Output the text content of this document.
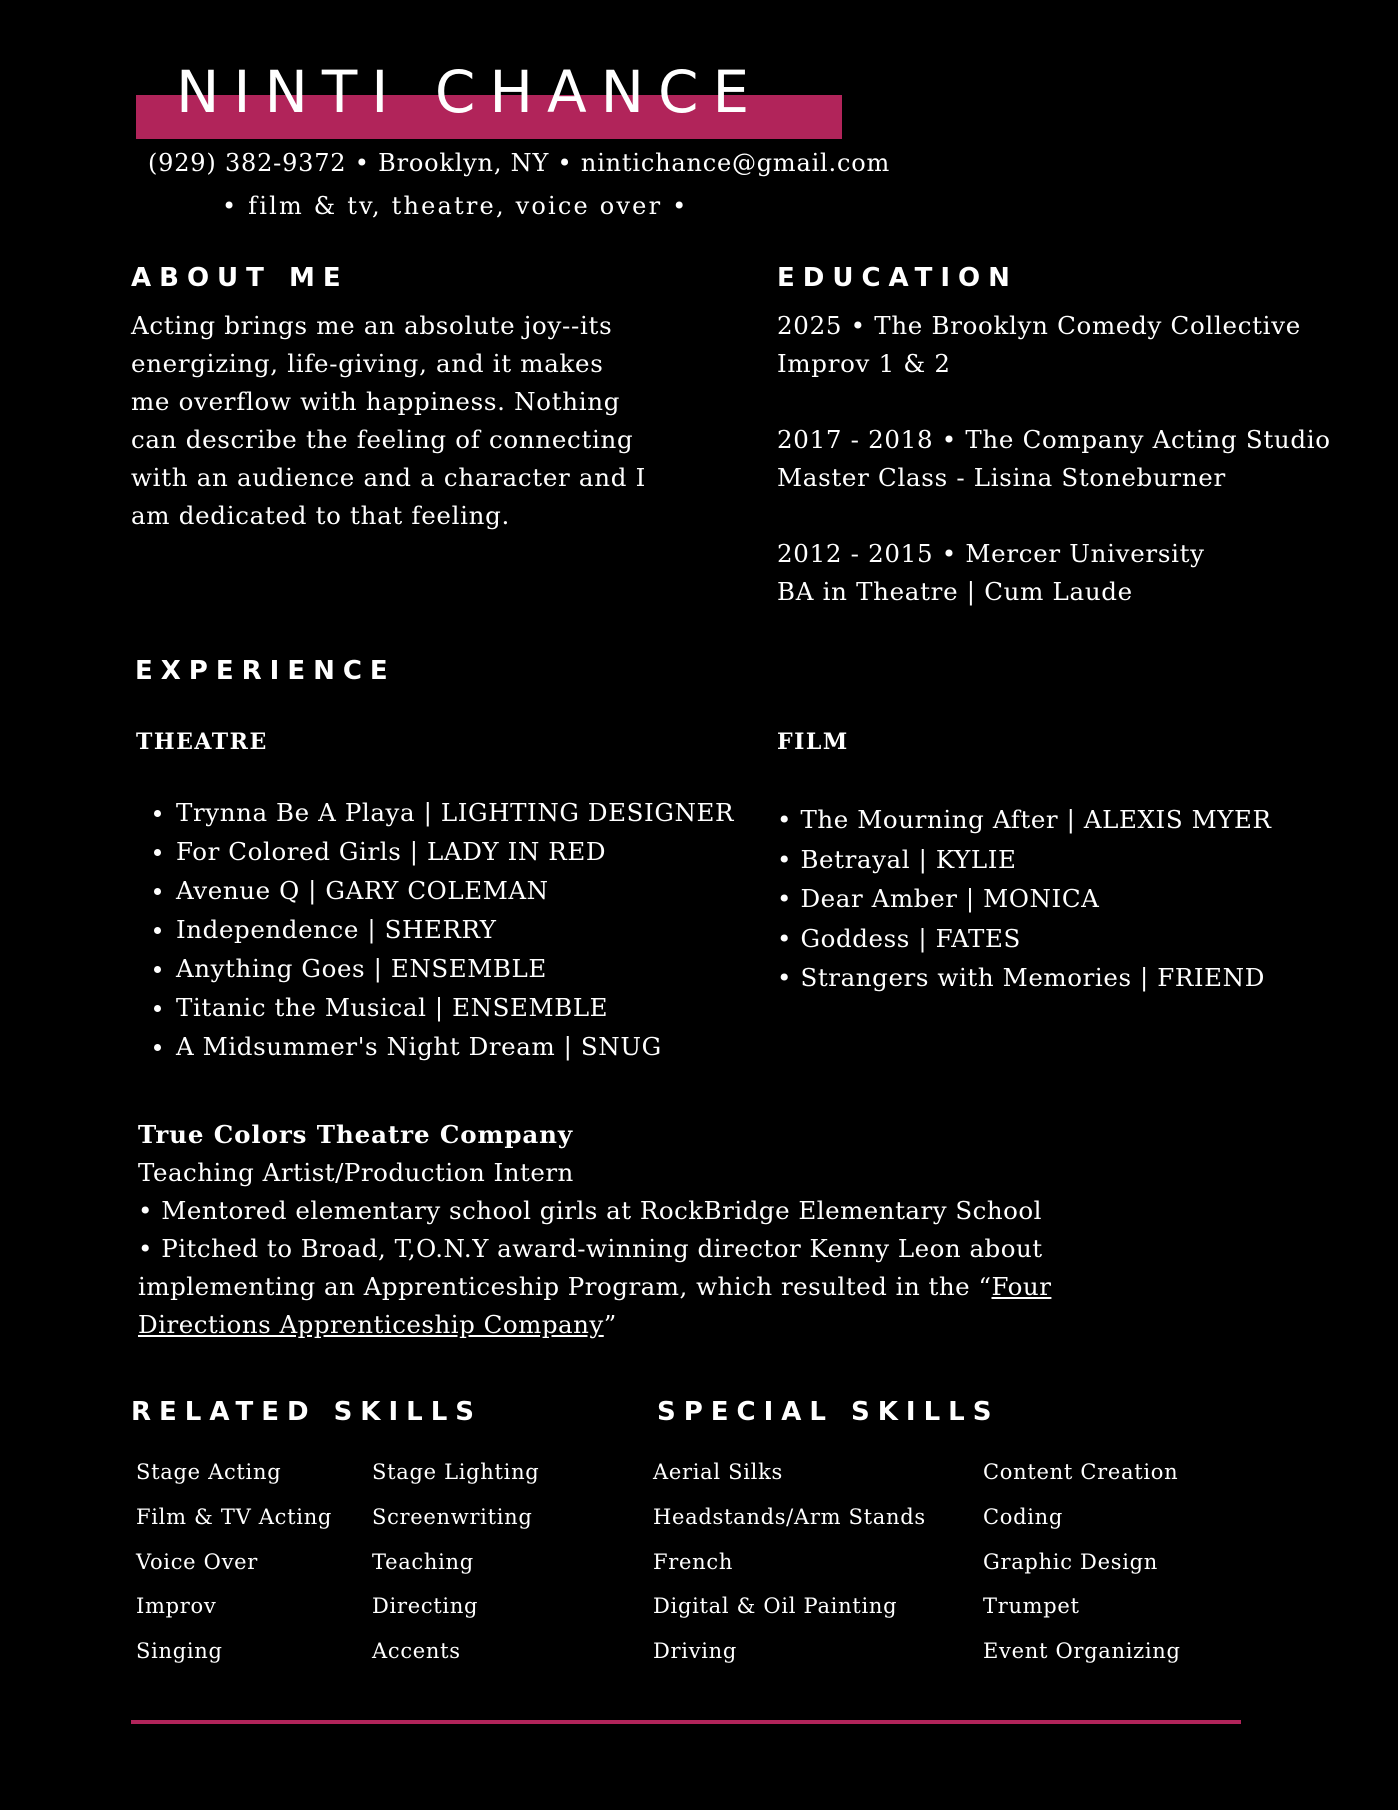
NINTI CHANCE
(929) 382-9372 • Brooklyn, NY • nintichance@gmail.com
• film & tv, theatre, voice over •
ABOUT ME
Acting brings me an absolute joy--its
energizing, life-giving, and it makes
me overflow with happiness. Nothing
can describe the feeling of connecting
with an audience and a character and I
am dedicated to that feeling.
EDUCATION
2025 • The Brooklyn Comedy Collective
Improv 1 & 2
2017 - 2018 • The Company Acting Studio
Master Class - Lisina Stoneburner
2012 - 2015 • Mercer University
BA in Theatre | Cum Laude
EXPERIENCE
THEATRE	FILM
Trynna Be A Playa | LIGHTING DESIGNER
For Colored Girls | LADY IN RED
Avenue Q | GARY COLEMAN
Independence | SHERRY
Anything Goes | ENSEMBLE
Titanic the Musical | ENSEMBLE
A Midsummer's Night Dream | SNUG
• The Mourning After | ALEXIS MYER
• Betrayal | KYLIE
• Dear Amber | MONICA
• Goddess | FATES
• Strangers with Memories | FRIEND
True Colors Theatre Company
Teaching Artist/Production Intern
• Mentored elementary school girls at RockBridge Elementary School
• Pitched to Broad, T,O.N.Y award-winning director Kenny Leon about
implementing an Apprenticeship Program, which resulted in the “Four
Directions Apprenticeship Company”
RELATED SKILLS
Stage Acting
Film & TV Acting
Voice Over
Improv
Singing
Stage Lighting
Screenwriting
Teaching
Directing
Accents
SPECIAL SKILLS
Aerial Silks
Headstands/Arm Stands
French
Digital & Oil Painting
Driving
Content Creation
Coding
Graphic Design
Trumpet
Event Organizing
